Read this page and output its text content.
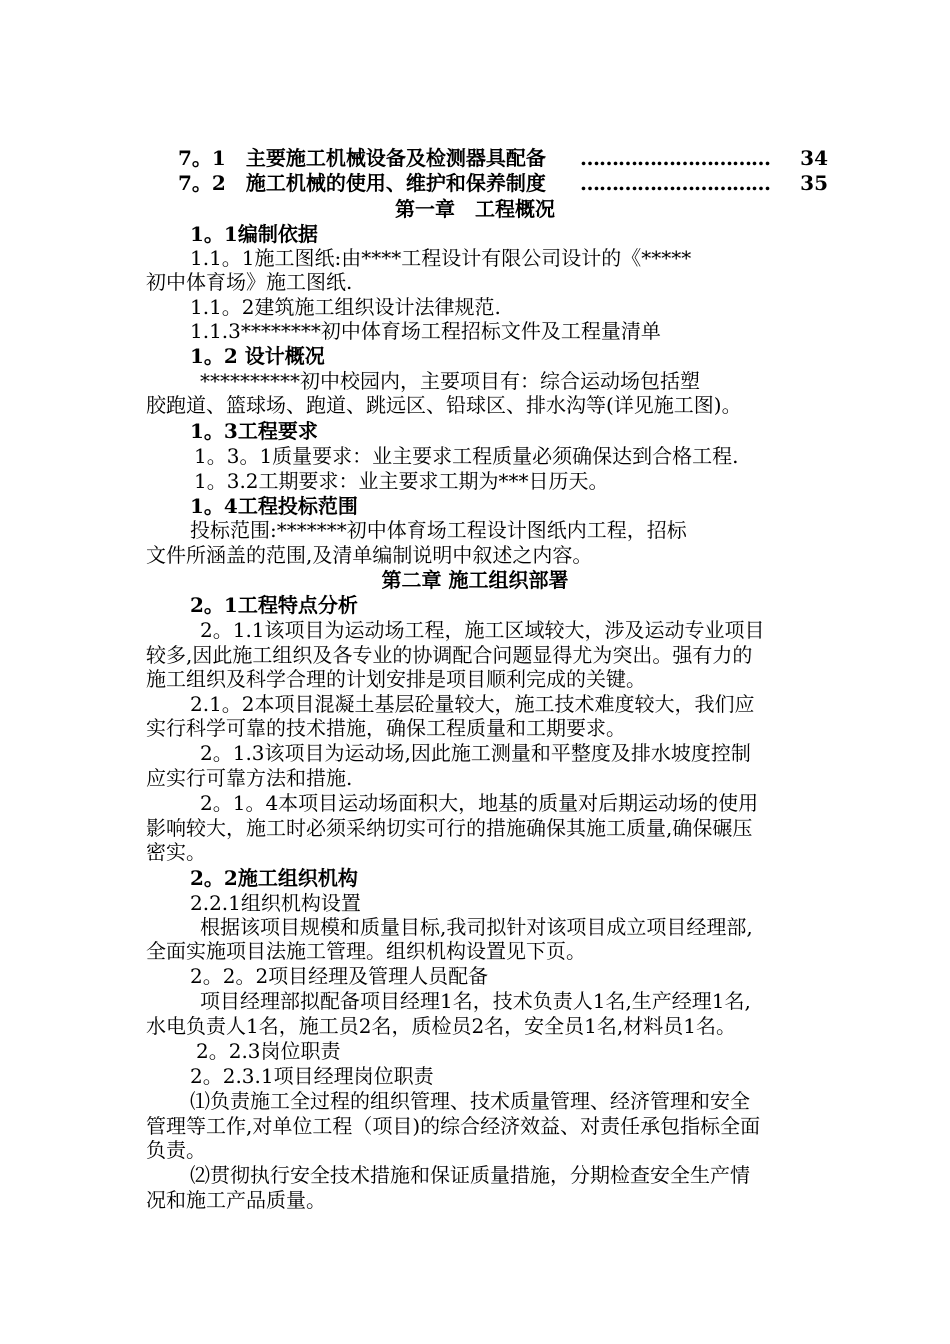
7。1　主要施工机械设备及检测器具配备 ………………………… 34
7。2　施工机械的使用、维护和保养制度 ………………………… 35
第一章　工程概况
1。1编制依据
1.1。1施工图纸:由****工程设计有限公司设计的《*****
初中体育场》施工图纸.
1.1。2建筑施工组织设计法律规范.
1.1.3********初中体育场工程招标文件及工程量清单
1。2 设计概况
**********初中校园内，主要项目有：综合运动场包括塑
胶跑道、篮球场、跑道、跳远区、铅球区、排水沟等(详见施工图)。
1。3工程要求
1。3。1质量要求：业主要求工程质量必须确保达到合格工程.
1。3.2工期要求：业主要求工期为***日历天。
1。4工程投标范围
投标范围:*******初中体育场工程设计图纸内工程，招标
文件所涵盖的范围,及清单编制说明中叙述之内容。
第二章 施工组织部署
2。1工程特点分析
2。1.1该项目为运动场工程，施工区域较大，涉及运动专业项目
较多,因此施工组织及各专业的协调配合问题显得尤为突出。强有力的
施工组织及科学合理的计划安排是项目顺利完成的关键。
2.1。2本项目混凝土基层砼量较大，施工技术难度较大，我们应
实行科学可靠的技术措施，确保工程质量和工期要求。
2。1.3该项目为运动场,因此施工测量和平整度及排水坡度控制
应实行可靠方法和措施.
2。1。4本项目运动场面积大，地基的质量对后期运动场的使用
影响较大，施工时必须采纳切实可行的措施确保其施工质量,确保碾压
密实。
2。2施工组织机构
2.2.1组织机构设置
根据该项目规模和质量目标,我司拟针对该项目成立项目经理部,
全面实施项目法施工管理。组织机构设置见下页。
2。2。2项目经理及管理人员配备
项目经理部拟配备项目经理1名，技术负责人1名,生产经理1名,
水电负责人1名，施工员2名，质检员2名，安全员1名,材料员1名。
2。2.3岗位职责
2。2.3.1项目经理岗位职责
⑴负责施工全过程的组织管理、技术质量管理、经济管理和安全
管理等工作,对单位工程（项目)的综合经济效益、对责任承包指标全面
负责。
⑵贯彻执行安全技术措施和保证质量措施，分期检查安全生产情
况和施工产品质量。
